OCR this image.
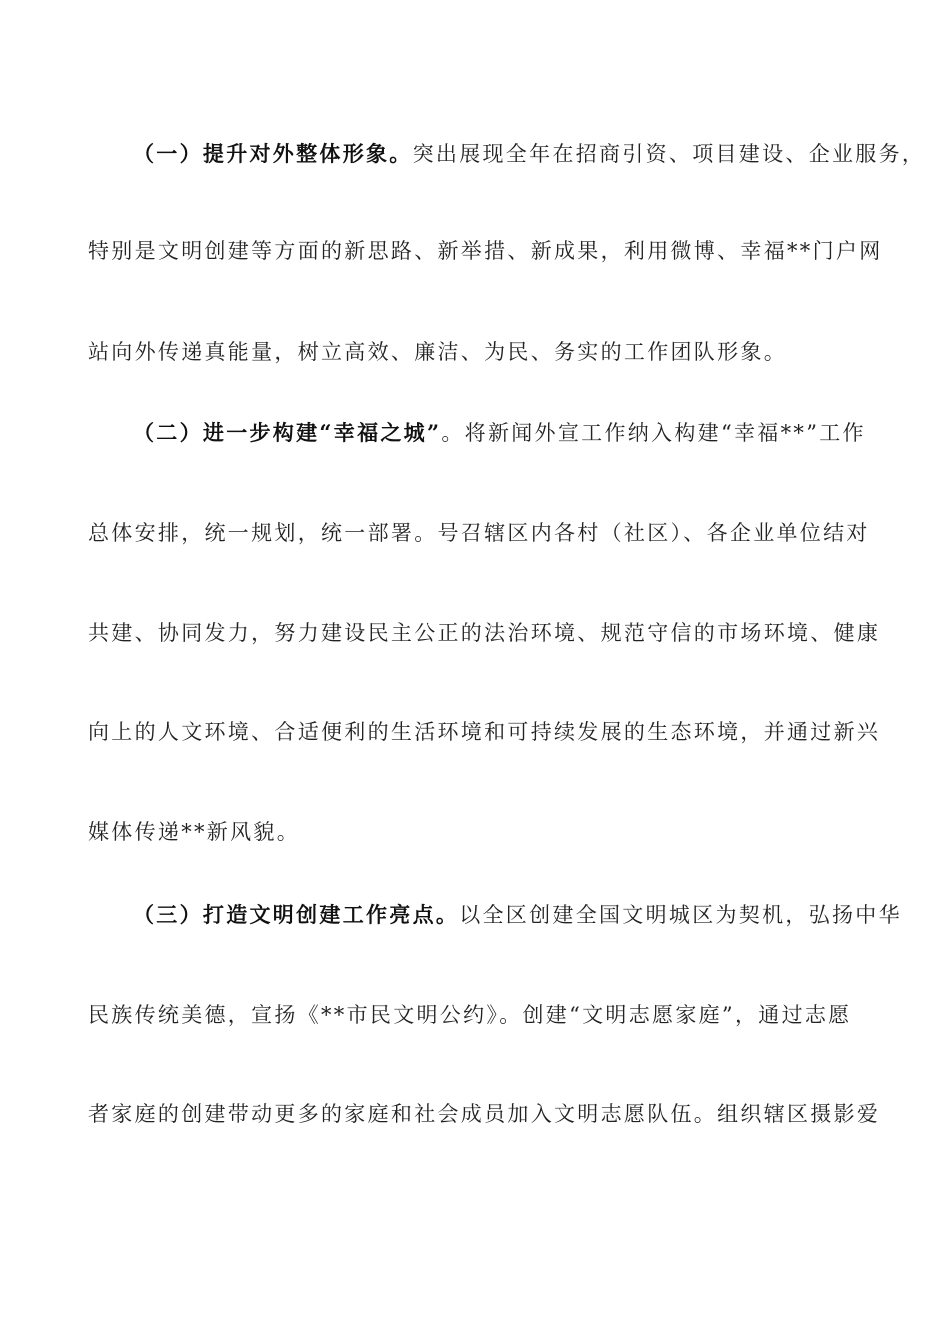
（一）提升对外整体形象。突出展现全年在招商引资、项目建设、企业服务，
特别是文明创建等方面的新思路、新举措、新成果，利用微博、幸福**门户网
站向外传递真能量，树立高效、廉洁、为民、务实的工作团队形象。
（二）进一步构建“幸福之城”。将新闻外宣工作纳入构建“幸福**”工作
总体安排，统一规划，统一部署。号召辖区内各村（社区）、各企业单位结对
共建、协同发力，努力建设民主公正的法治环境、规范守信的市场环境、健康
向上的人文环境、合适便利的生活环境和可持续发展的生态环境，并通过新兴
媒体传递**新风貌。
（三）打造文明创建工作亮点。以全区创建全国文明城区为契机，弘扬中华
民族传统美德，宣扬《**市民文明公约》。创建“文明志愿家庭”，通过志愿
者家庭的创建带动更多的家庭和社会成员加入文明志愿队伍。组织辖区摄影爱
